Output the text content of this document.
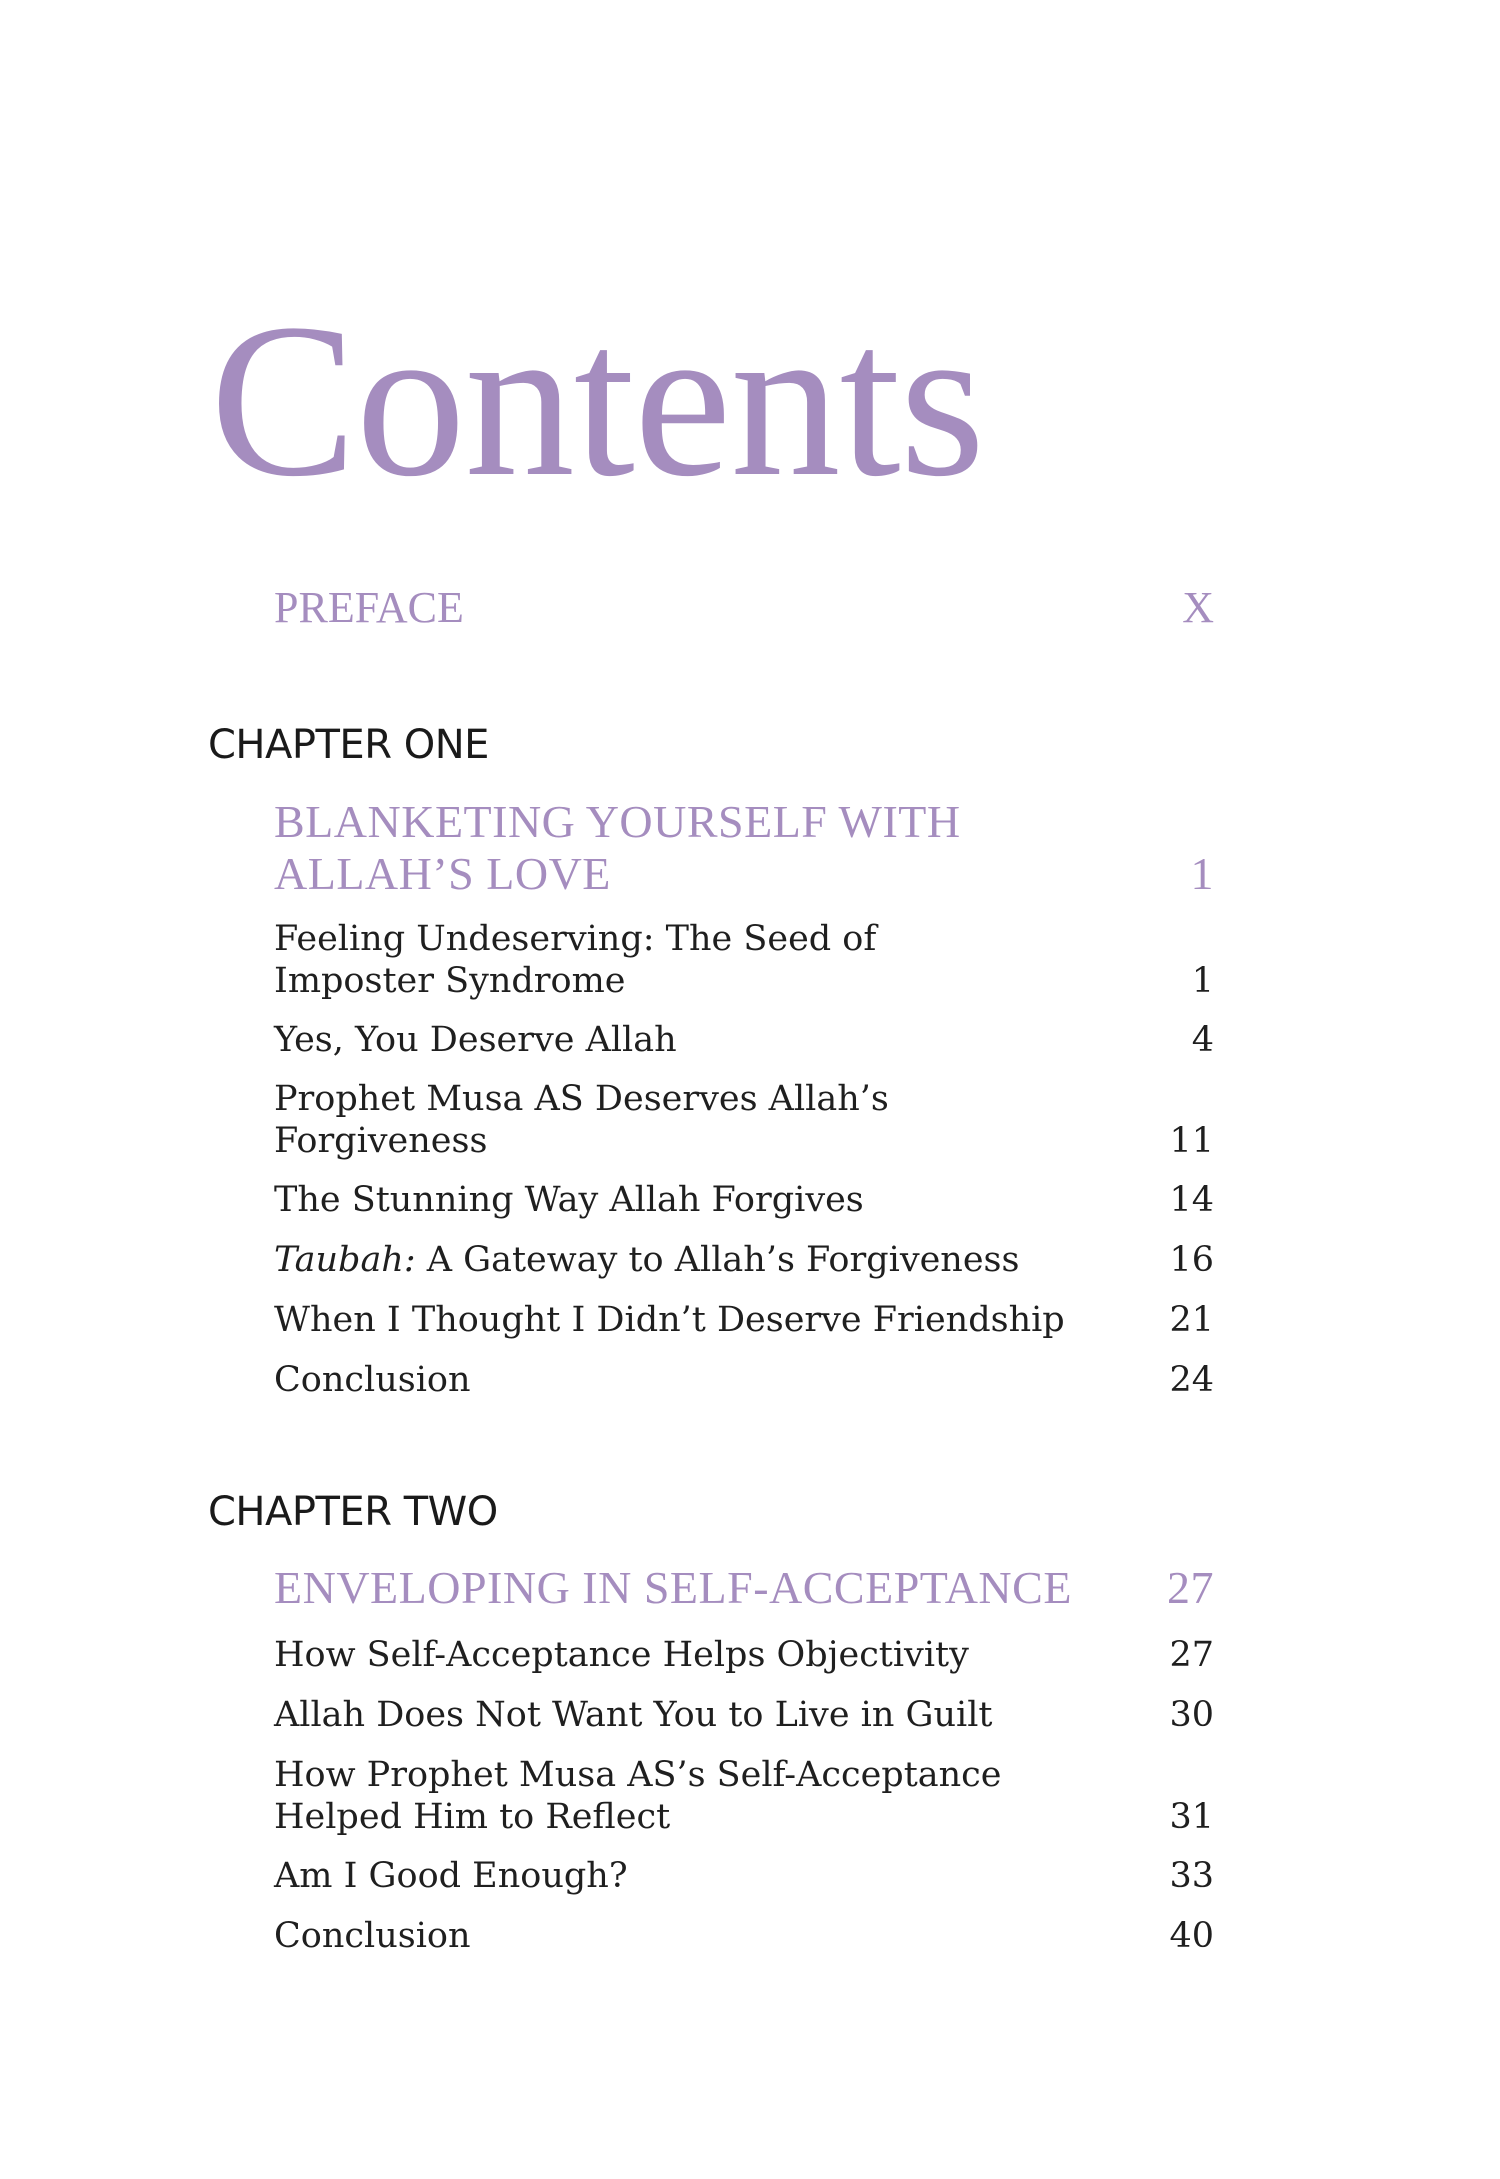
Contents
PREFACE	X
CHAPTER ONE
BLANKETING YOURSELF WITH
ALLAH’S LOVE	1
Feeling Undeserving: The Seed of
Imposter Syndrome	1
Yes, You Deserve Allah	4
Prophet Musa AS Deserves Allah’s
Forgiveness	11
The Stunning Way Allah Forgives	14
Taubah: A Gateway to Allah’s Forgiveness	16
When I Thought I Didn’t Deserve Friendship	21
Conclusion	24
CHAPTER TWO
ENVELOPING IN SELF-ACCEPTANCE	27
How Self-Acceptance Helps Objectivity	27
Allah Does Not Want You to Live in Guilt	30
How Prophet Musa AS’s Self-Acceptance
Helped Him to Reflect	31
Am I Good Enough?	33
Conclusion	40
